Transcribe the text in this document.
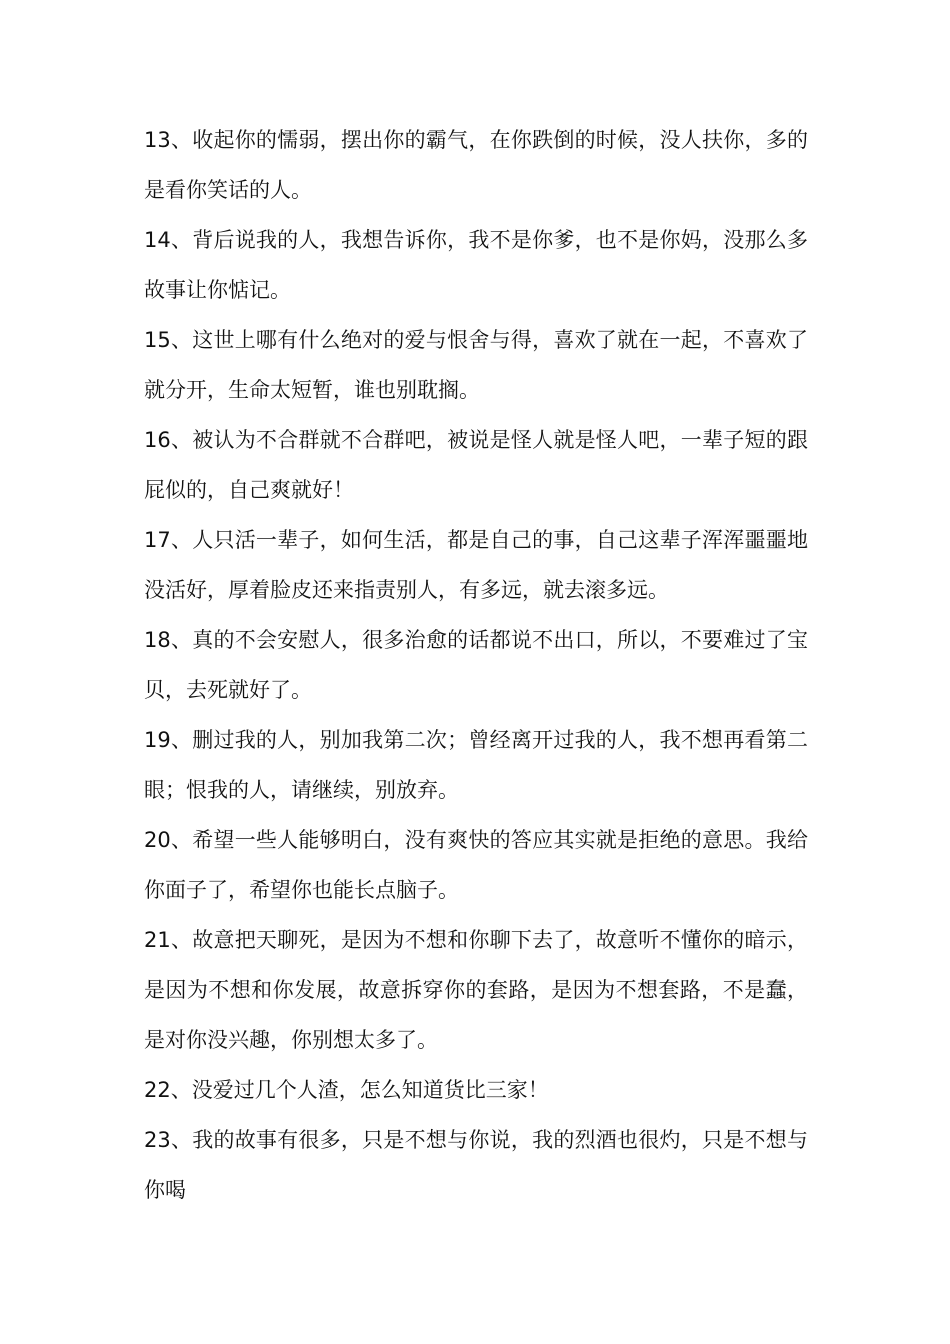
13、收起你的懦弱，摆出你的霸气，在你跌倒的时候，没人扶你，多的是看你笑话的人。

14、背后说我的人，我想告诉你，我不是你爹，也不是你妈，没那么多故事让你惦记。

15、这世上哪有什么绝对的爱与恨舍与得，喜欢了就在一起，不喜欢了就分开，生命太短暂，谁也别耽搁。

16、被认为不合群就不合群吧，被说是怪人就是怪人吧，一辈子短的跟屁似的，自己爽就好！

17、人只活一辈子，如何生活，都是自己的事，自己这辈子浑浑噩噩地没活好，厚着脸皮还来指责别人，有多远，就去滚多远。

18、真的不会安慰人，很多治愈的话都说不出口，所以，不要难过了宝贝，去死就好了。

19、删过我的人，别加我第二次；曾经离开过我的人，我不想再看第二眼；恨我的人，请继续，别放弃。

20、希望一些人能够明白，没有爽快的答应其实就是拒绝的意思。我给你面子了，希望你也能长点脑子。

21、故意把天聊死，是因为不想和你聊下去了，故意听不懂你的暗示，是因为不想和你发展，故意拆穿你的套路，是因为不想套路，不是蠢，是对你没兴趣，你别想太多了。

22、没爱过几个人渣，怎么知道货比三家！

23、我的故事有很多，只是不想与你说，我的烈酒也很灼，只是不想与你喝
